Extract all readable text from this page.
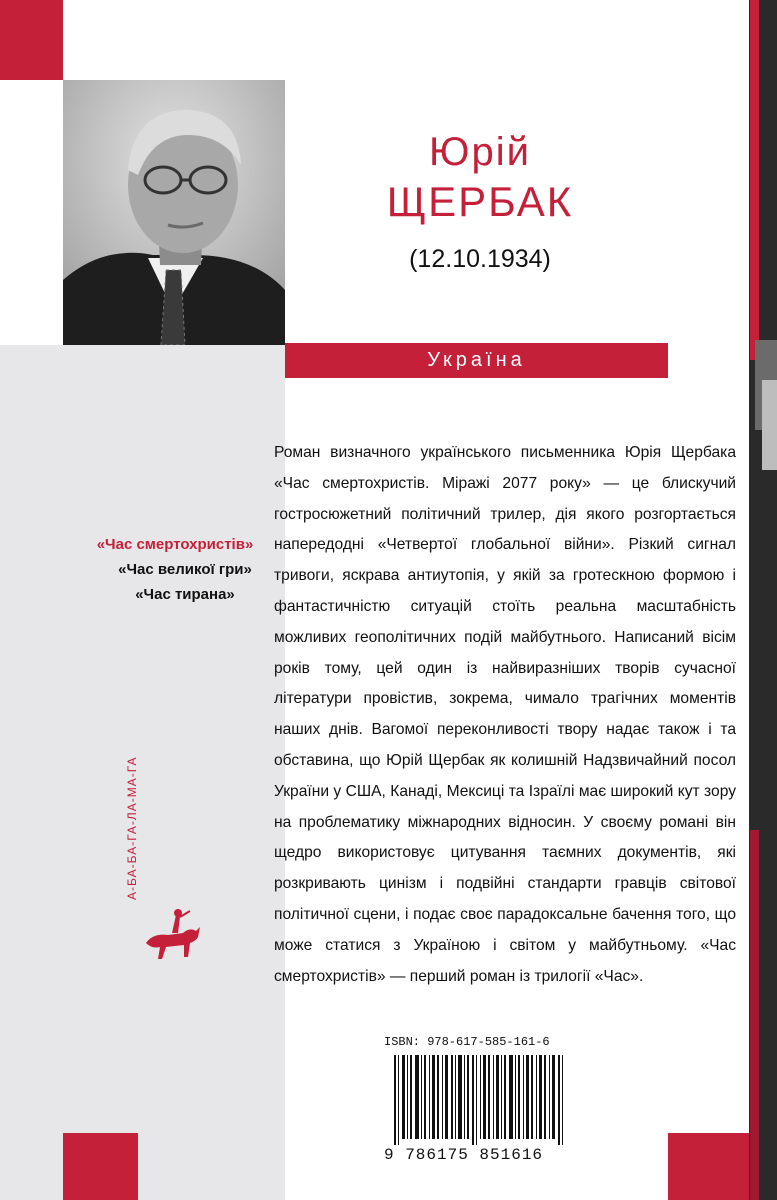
Юрій
ЩЕРБАК
(12.10.1934)
Україна
«Час смертохристів»
«Час великої гри»
«Час тирана»
А-БА-БА-ГА-ЛА-МА-ГА

Роман визначного українського письменника Юрія Щербака «Час смертохристів. Міражі 2077 року» — це блискучий гостросюжетний політичний трилер, дія якого розгортається напередодні «Четвертої глобальної війни». Різкий сигнал тривоги, яскрава антиутопія, у якій за гротескною формою і фантастичністю ситуацій стоїть реальна масштабність можливих геополітичних подій майбутнього. Написаний вісім років тому, цей один із найвиразніших творів сучасної літератури провістив, зокрема, чимало трагічних моментів наших днів. Вагомої переконливості твору надає також і та обставина, що Юрій Щербак як колишній Надзвичайний посол України у США, Канаді, Мексиці та Ізраїлі має широкий кут зору на проблематику міжнародних відносин. У своєму романі він щедро використовує цитування таємних документів, які розкривають цинізм і подвійні стандарти гравців світової політичної сцени, і подає своє парадоксальне бачення того, що може статися з Україною і світом у майбутньому. «Час смертохристів» — перший роман із трилогії «Час».

ISBN: 978-617-585-161-6
9 786175 851616
